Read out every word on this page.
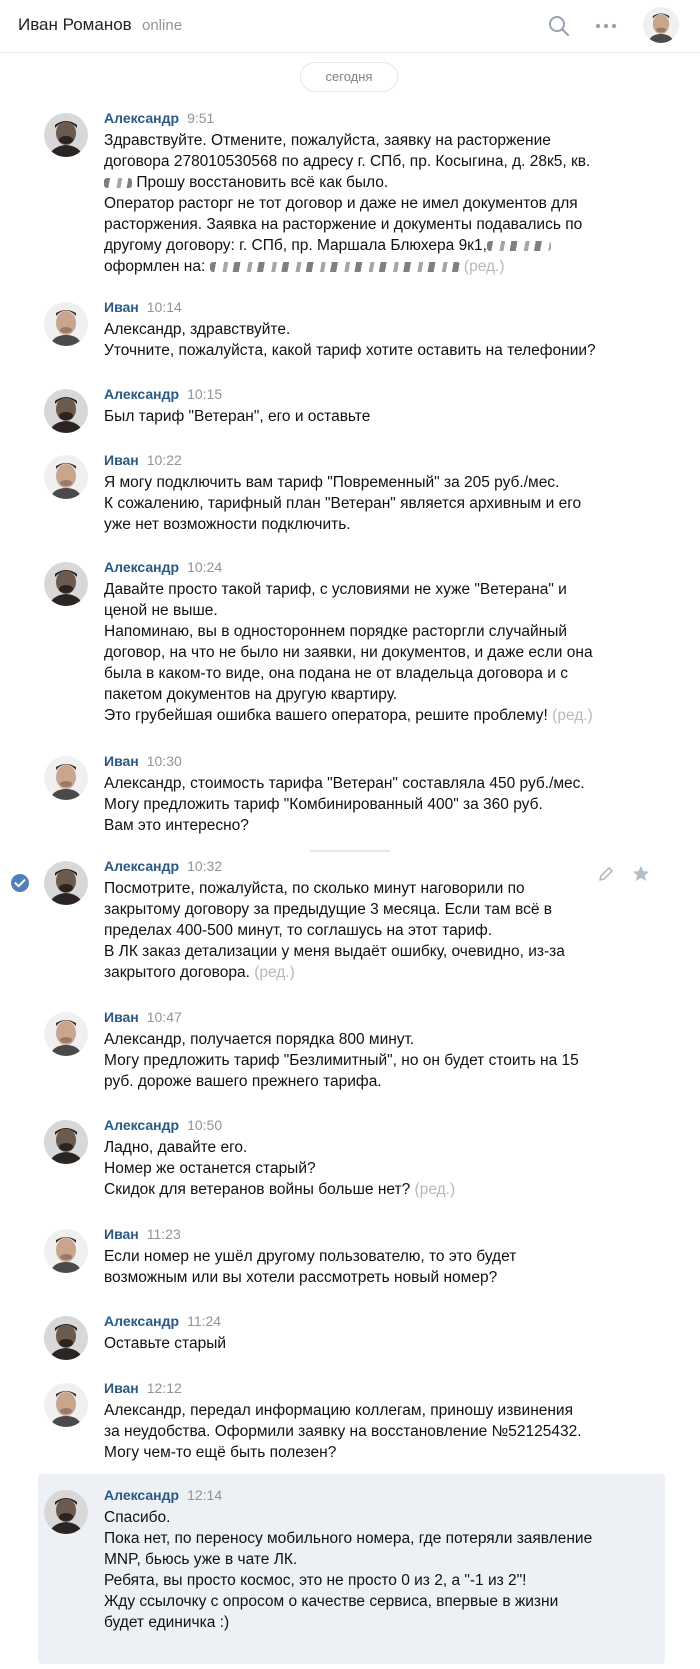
Иван Романов online
сегодня
Александр 9:51
Здравствуйте. Отмените, пожалуйста, заявку на расторжение
договора 278010530568 по адресу г. СПб, пр. Косыгина, д. 28к5, кв.
Прошу восстановить всё как было.
Оператор расторг не тот договор и даже не имел документов для
расторжения. Заявка на расторжение и документы подавались по
другому договору: г. СПб, пр. Маршала Блюхера 9к1,
оформлен на:	(ред.)
Иван 10:14
Александр, здравствуйте.
Уточните, пожалуйста, какой тариф хотите оставить на телефонии?
Александр 10:15
Был тариф "Ветеран", его и оставьте
Иван 10:22
Я могу подключить вам тариф "Повременный" за 205 руб./мес.
К сожалению, тарифный план "Ветеран" является архивным и его
уже нет возможности подключить.
Александр 10:24
Давайте просто такой тариф, с условиями не хуже "Ветерана" и
ценой не выше.
Напоминаю, вы в одностороннем порядке расторгли случайный
договор, на что не было ни заявки, ни документов, и даже если она
была в каком-то виде, она подана не от владельца договора и с
пакетом документов на другую квартиру.
Это грубейшая ошибка вашего оператора, решите проблему! (ред.)
Иван 10:30
Александр, стоимость тарифа "Ветеран" составляла 450 руб./мес.
Могу предложить тариф "Комбинированный 400" за 360 руб.
Вам это интересно?
Александр 10:32
Посмотрите, пожалуйста, по сколько минут наговорили по
закрытому договору за предыдущие 3 месяца. Если там всё в
пределах 400-500 минут, то соглашусь на этот тариф.
В ЛК заказ детализации у меня выдаёт ошибку, очевидно, из-за
закрытого договора. (ред.)
Иван 10:47
Александр, получается порядка 800 минут.
Могу предложить тариф "Безлимитный", но он будет стоить на 15
руб. дороже вашего прежнего тарифа.
Александр 10:50
Ладно, давайте его.
Номер же останется старый?
Скидок для ветеранов войны больше нет? (ред.)
Иван 11:23
Если номер не ушёл другому пользователю, то это будет
возможным или вы хотели рассмотреть новый номер?
Александр 11:24
Оставьте старый
Иван 12:12
Александр, передал информацию коллегам, приношу извинения
за неудобства. Оформили заявку на восстановление №52125432.
Могу чем-то ещё быть полезен?
Александр 12:14
Спасибо.
Пока нет, по переносу мобильного номера, где потеряли заявление
MNP, бьюсь уже в чате ЛК.
Ребята, вы просто космос, это не просто 0 из 2, а "-1 из 2"!
Жду ссылочку с опросом о качестве сервиса, впервые в жизни
будет единичка :)
